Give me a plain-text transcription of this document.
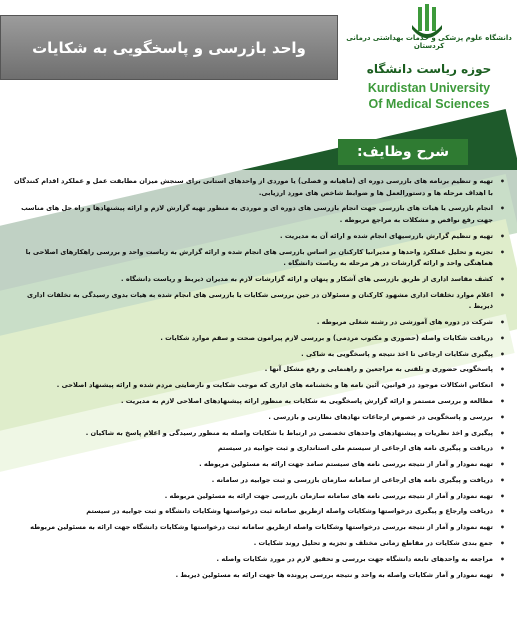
واحد بازرسی و پاسخگویی به شکایات
دانشگاه علوم پزشکی و خدمات بهداشتی درمانی کردستان
حوزه ریاست دانشگاه
Kurdistan University
Of Medical Sciences
شرح وظایف:
• تهیه و تنظیم برنامه های بازرسی دوره ای (ماهیانه و فصلی) یا موردی از واحدهای استانی برای سنجش میزان مطابقت عمل و عملکرد اقدام کنندگان با اهداف مرحله ها و دستورالعمل ها و ضوابط شاخص های مورد ارزیابی.
• انجام بازرسی یا هیات های بازرسی جهت انجام بازرسی های دوره ای و موردی به منظور تهیه گزارش لازم و ارائه پیشنهادها و راه حل های مناسب جهت رفع نواقص و مشکلات به مراجع مربوطه .
• تهیه و تنظیم گزارش بازرسیهای انجام شده و ارائه آن به مدیریت .
• تجزیه و تحلیل عملکرد واحدها و مدیرانیا کارکنان بر اساس بازرسی های انجام شده و ارائه گزارش به ریاست واحد و بررسی راهکارهای اصلاحی با هماهنگی واحد و ارائه گزارشات در هر مرحله به ریاست دانشگاه .
• کشف مفاسد اداری از طریق بازرسی های آشکار و پنهان و ارائه گزارشات لازم به مدیران ذیربط و ریاست دانشگاه .
• اعلام موارد تخلفات اداری مشهود کارکنان و مسئولان در حین بررسی شکایات یا بازرسی های انجام شده به هیات بدوی رسیدگی به تخلفات اداری ذیربط .
• شرکت در دوره های آموزشی در رشته شغلی مربوطه .
• دریافت شکایات واصله (حضوری و مکتوب مردمی) و بررسی لازم پیرامون صحت و سقم موارد شکایات .
• پیگیری شکایات ارجاعی تا اخذ نتیجه و پاسخگویی به شاکی .
• پاسخگویی حضوری و تلفنی به مراجعین و راهنمایی و رفع مشکل آنها .
• انعکاس اشکالات موجود در قوانین، آئین نامه ها و بخشنامه های اداری که موجب شکایت و نارضایتی مردم شده و ارائه پیشنهاد اصلاحی .
• مطالعه و بررسی مستمر و ارائه گزارش پاسخگویی به شکایات به منظور ارائه پیشنهادهای اصلاحی لازم به مدیریت .
• بررسی و پاسخگویی در خصوص ارجاعات نهادهای نظارتی و بازرسی .
• پیگیری و اخذ نظریات و پیشنهادهای واحدهای تخصصی در ارتباط با شکایات واصله به منظور رسیدگی و اعلام پاسخ به شاکیان .
• دریافت و پیگیری نامه های ارجاعی از سیستم ملی استانداری و ثبت جوابیه در سیستم
• تهیه نمودار و آمار از نتیجه بررسی نامه های سیستم سامد جهت ارائه به مسئولین مربوطه .
• دریافت و پیگیری نامه های ارجاعی از سامانه سازمان بازرسی و ثبت جوابیه در سامانه .
• تهیه نمودار و آمار از نتیجه بررسی نامه های سامانه سازمان بازرسی جهت ارائه به مسئولین مربوطه .
• دریافت وارجاع و پیگیری درخواستها وشکایات واصله ازطریق سامانه ثبت درخواستها وشکایات دانشگاه و ثبت جوابیه در سیستم
• تهیه نمودار و آمار از نتیجه بررسی درخواستها وشکایات واصله ازطریق سامانه ثبت درخواستها وشکایات دانشگاه جهت ارائه به مسئولین مربوطه
• جمع بندی شکایات در مقاطع زمانی مختلف و تجزیه و تحلیل روند شکایات .
• مراجعه به واحدهای تابعه دانشگاه جهت بررسی و تحقیق لازم در مورد شکایات واصله .
• تهیه نمودار و آمار شکایات واصله به واحد و نتیجه بررسی پرونده ها جهت ارائه به مسئولین ذیربط .
